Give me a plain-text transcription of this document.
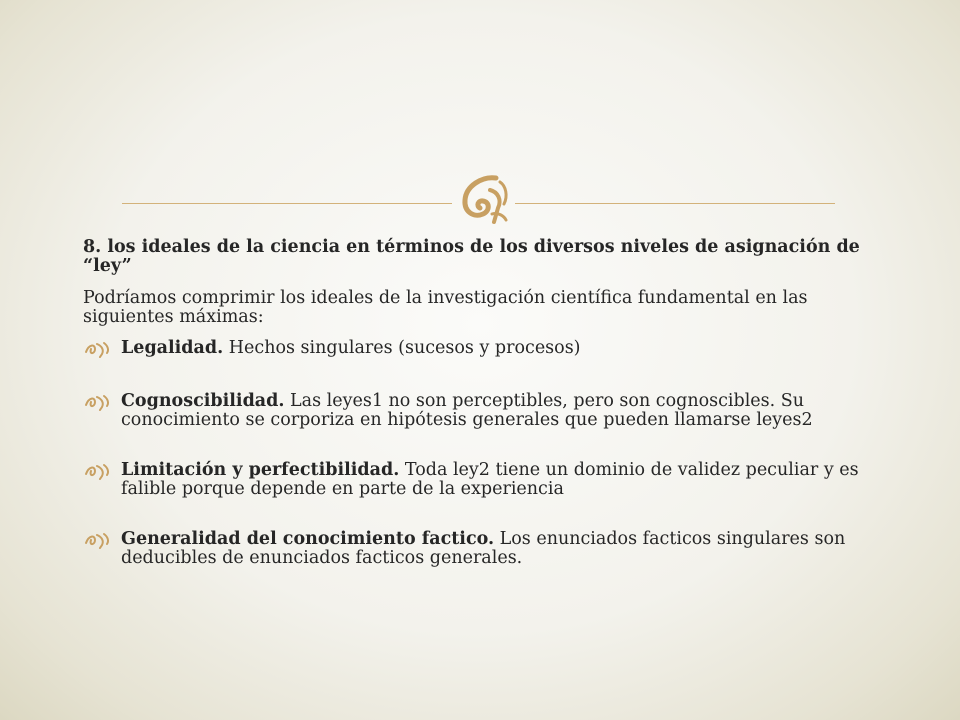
8. los ideales de la ciencia en términos de los diversos niveles de asignación de “ley”

Podríamos comprimir los ideales de la investigación científica fundamental en las siguientes máximas:

Legalidad. Hechos singulares (sucesos y procesos)
Cognoscibilidad. Las leyes1 no son perceptibles, pero son cognoscibles. Su conocimiento se corporiza en hipótesis generales que pueden llamarse leyes2
Limitación y perfectibilidad. Toda ley2 tiene un dominio de validez peculiar y es falible porque depende en parte de la experiencia
Generalidad del conocimiento factico. Los enunciados facticos singulares son deducibles de enunciados facticos generales.
